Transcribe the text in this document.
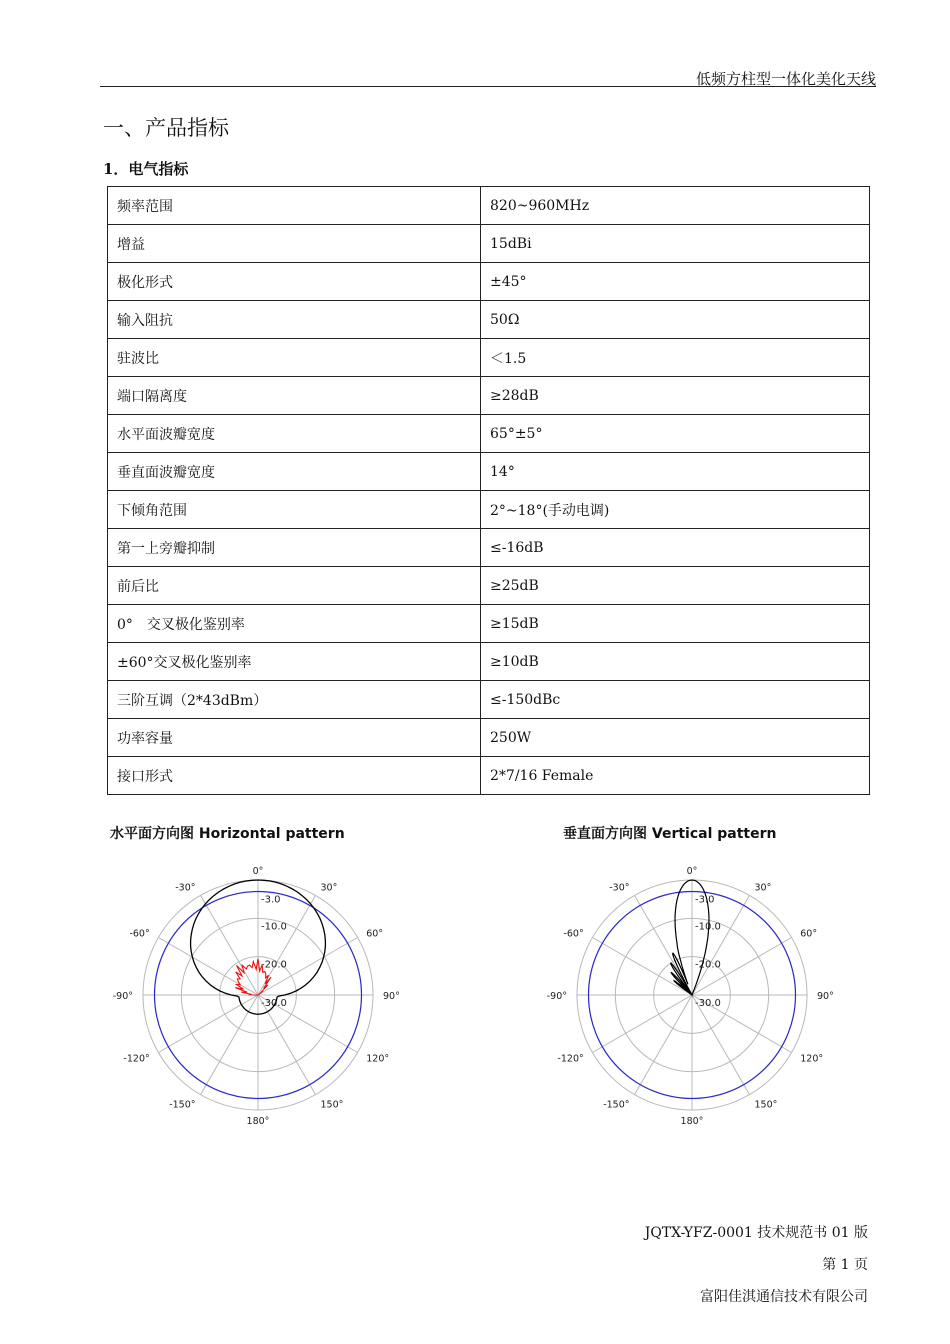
低频方柱型一体化美化天线
一、产品指标
1．电气指标
频率范围	820~960MHz
增益	15dBi
极化形式	±45°
输入阻抗	50Ω
驻波比	＜1.5
端口隔离度	≥28dB
水平面波瓣宽度	65°±5°
垂直面波瓣宽度	14°
下倾角范围	2°~18°(手动电调)
第一上旁瓣抑制	≤-16dB
前后比	≥25dB
0°　交叉极化鉴别率	≥15dB
±60°交叉极化鉴别率	≥10dB
三阶互调（2*43dBm）	≤-150dBc
功率容量	250W
接口形式	2*7/16 Female
水平面方向图 Horizontal pattern	垂直面方向图 Vertical pattern
-3.0
-10.0
-20.0
-30.0
0°
30°
60°
90°
120°
150°
180°
-150°
-120°
-90°
-60°
-30°
-3.0
-10.0
-20.0
-30.0
0°
30°
60°
90°
120°
150°
180°
-150°
-120°
-90°
-60°
-30°
JQTX-YFZ-0001 技术规范书 01 版
第 1 页
富阳佳淇通信技术有限公司
